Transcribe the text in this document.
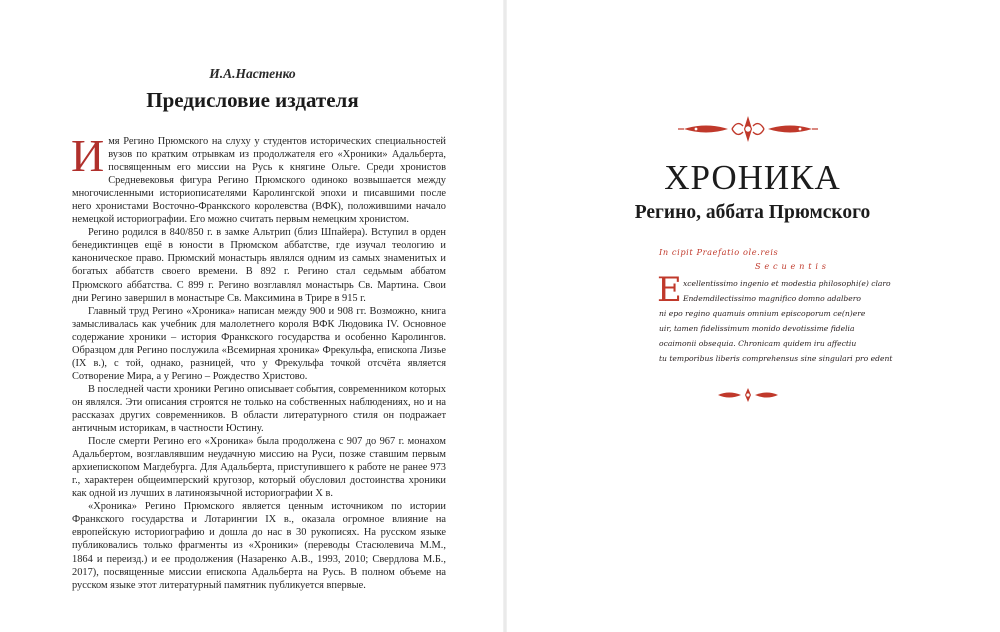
И.А.Настенко
Предисловие издателя

Имя Регино Прюмского на слуху у студентов исторических специальностей вузов по кратким отрывкам из продолжателя его «Хроники» Адальберта, посвященным его миссии на Русь к княгине Ольге. Среди хронистов Средневековья фигура Регино Прюмского одиноко возвышается между многочисленными историописателями Каролингской эпохи и писавшими после него хронистами Восточно-Франкского королевства (ВФК), положившими начало немецкой историографии. Его можно считать первым немецким хронистом.

Регино родился в 840/850 г. в замке Альтрип (близ Шпайера). Вступил в орден бенедиктинцев ещё в юности в Прюмском аббатстве, где изучал теологию и каноническое право. Прюмский монастырь являлся одним из самых знаменитых и богатых аббатств своего времени. В 892 г. Регино стал седьмым аббатом Прюмского аббатства. С 899 г. Регино возглавлял монастырь Св. Мартина. Свои дни Регино завершил в монастыре Св. Максимина в Трире в 915 г.

Главный труд Регино «Хроника» написан между 900 и 908 гг. Возможно, книга замысливалась как учебник для малолетнего короля ВФК Людовика IV. Основное содержание хроники – история Франкского государства и особенно Каролингов. Образцом для Регино послужила «Всемирная хроника» Фрекульфа, епископа Лизье (IX в.), с той, однако, разницей, что у Фрекульфа точкой отсчёта является Сотворение Мира, а у Регино – Рождество Христово.

В последней части хроники Регино описывает события, современником которых он являлся. Эти описания строятся не только на собственных наблюдениях, но и на рассказах других современников. В области литературного стиля он подражает античным историкам, в частности Юстину.

После смерти Регино его «Хроника» была продолжена с 907 до 967 г. монахом Адальбертом, возглавлявшим неудачную миссию на Руси, позже ставшим первым архиепископом Магдебурга. Для Адальберта, приступившего к работе не ранее 973 г., характерен общеимперский кругозор, который обусловил достоинства хроники как одной из лучших в латиноязычной историографии X в.

«Хроника» Регино Прюмского является ценным источником по истории Франкского государства и Лотарингии IX в., оказала огромное влияние на европейскую историографию и дошла до нас в 30 рукописях. На русском языке публиковались только фрагменты из «Хроники» (переводы Стасюлевича М.М., 1864 и переизд.) и ее продолжения (Назаренко А.В., 1993, 2010; Свердлова М.Б., 2017), посвященные миссии епископа Адальберта на Русь. В полном объеме на русском языке этот литературный памятник публикуется впервые.

ХРОНИКА
Регино, аббата Прюмского
In cipit Praefatio ole.reis
S e c u e n t i s
E xcellentissimo ingenio et modestia philosophi(e) claro
Endemdilectissimo magnifico domno adalbero
ni epo regino quamuis omnium episcoporum ce(n)ere
uir, tamen fidelissimum monido devotissime fidelia
ocaimonii obsequia. Chronicam quidem iru affectiu
tu temporibus liberis comprehensus sine singulari pro edent
